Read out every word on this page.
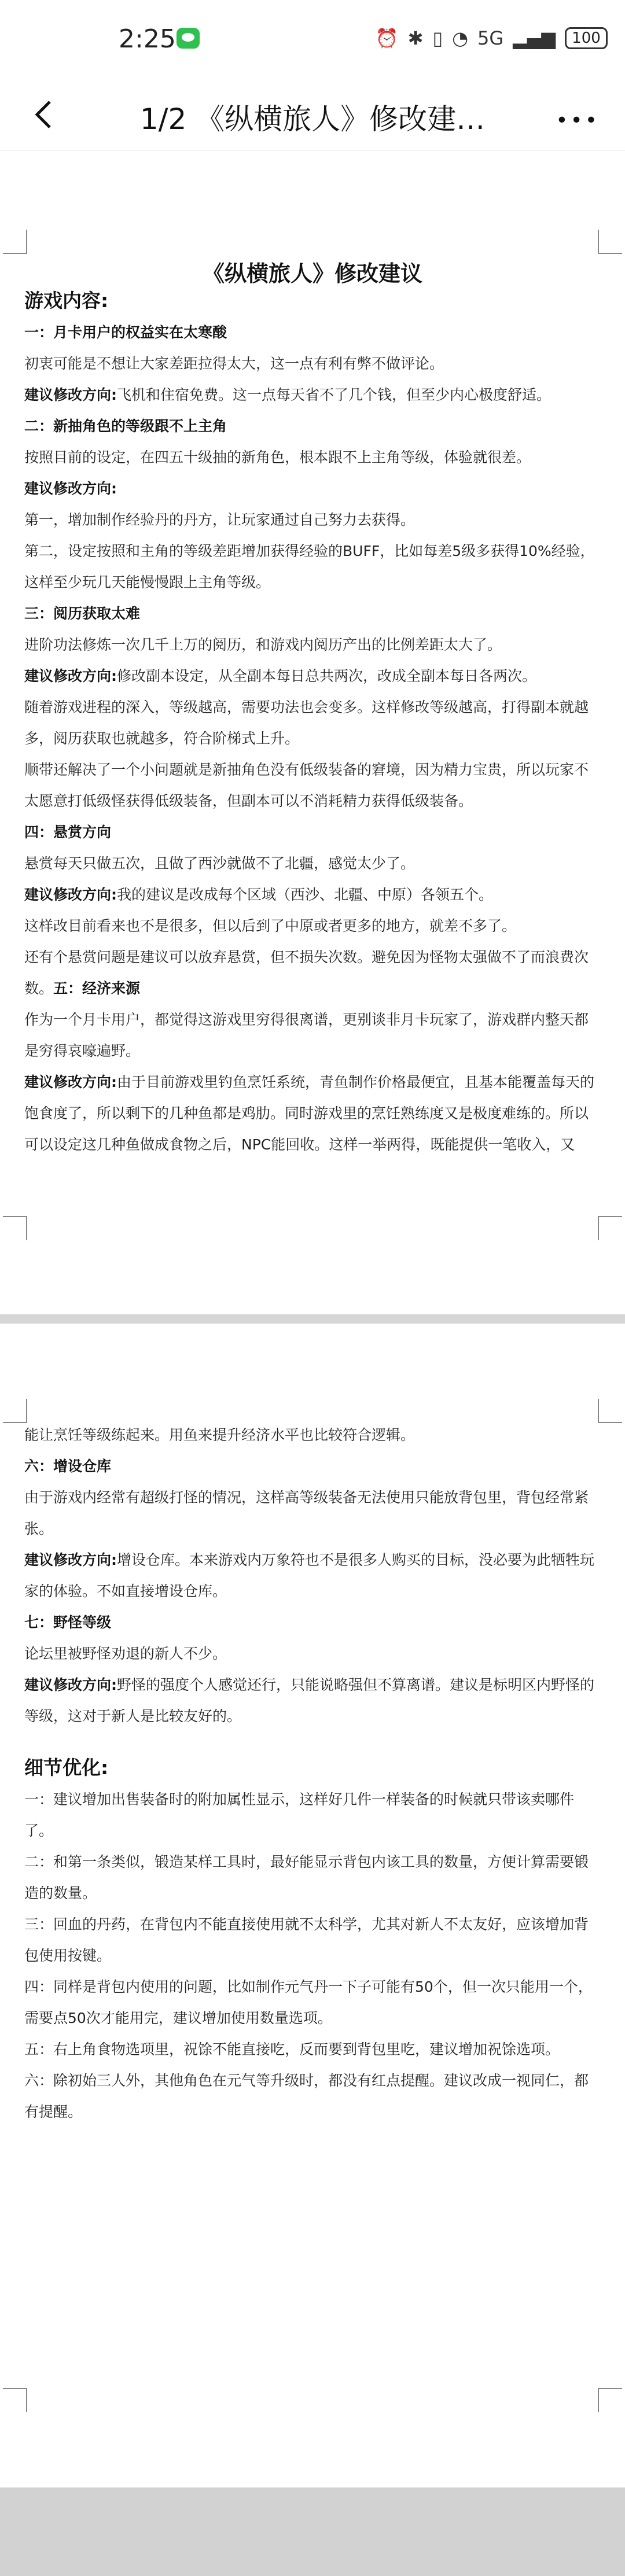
2:25	⏰ ✱ ▯ ◔ 5G ▂▄▆	100
1/2 《纵横旅人》修改建…	•••
《纵横旅人》修改建议

游戏内容:

一：月卡用户的权益实在太寒酸

初衷可能是不想让大家差距拉得太大，这一点有利有弊不做评论。

建议修改方向:飞机和住宿免费。这一点每天省不了几个钱，但至少内心极度舒适。

二：新抽角色的等级跟不上主角

按照目前的设定，在四五十级抽的新角色，根本跟不上主角等级，体验就很差。

建议修改方向:

第一，增加制作经验丹的丹方，让玩家通过自己努力去获得。

第二，设定按照和主角的等级差距增加获得经验的BUFF，比如每差5级多获得10%经验，这样至少玩几天能慢慢跟上主角等级。

三：阅历获取太难

进阶功法修炼一次几千上万的阅历，和游戏内阅历产出的比例差距太大了。

建议修改方向:修改副本设定，从全副本每日总共两次，改成全副本每日各两次。

随着游戏进程的深入，等级越高，需要功法也会变多。这样修改等级越高，打得副本就越多，阅历获取也就越多，符合阶梯式上升。

顺带还解决了一个小问题就是新抽角色没有低级装备的窘境，因为精力宝贵，所以玩家不太愿意打低级怪获得低级装备，但副本可以不消耗精力获得低级装备。

四：悬赏方向

悬赏每天只做五次，且做了西沙就做不了北疆，感觉太少了。

建议修改方向:我的建议是改成每个区域（西沙、北疆、中原）各领五个。

这样改目前看来也不是很多，但以后到了中原或者更多的地方，就差不多了。

还有个悬赏问题是建议可以放弃悬赏，但不损失次数。避免因为怪物太强做不了而浪费次数。五：经济来源

作为一个月卡用户，都觉得这游戏里穷得很离谱，更别谈非月卡玩家了，游戏群内整天都是穷得哀嚎遍野。

建议修改方向:由于目前游戏里钓鱼烹饪系统，青鱼制作价格最便宜，且基本能覆盖每天的饱食度了，所以剩下的几种鱼都是鸡肋。同时游戏里的烹饪熟练度又是极度难练的。所以可以设定这几种鱼做成食物之后，NPC能回收。这样一举两得，既能提供一笔收入，又

能让烹饪等级练起来。用鱼来提升经济水平也比较符合逻辑。

六：增设仓库

由于游戏内经常有超级打怪的情况，这样高等级装备无法使用只能放背包里，背包经常紧张。

建议修改方向:增设仓库。本来游戏内万象符也不是很多人购买的目标，没必要为此牺牲玩家的体验。不如直接增设仓库。

七：野怪等级

论坛里被野怪劝退的新人不少。

建议修改方向:野怪的强度个人感觉还行，只能说略强但不算离谱。建议是标明区内野怪的等级，这对于新人是比较友好的。

细节优化:

一：建议增加出售装备时的附加属性显示，这样好几件一样装备的时候就只带该卖哪件了。

二：和第一条类似，锻造某样工具时，最好能显示背包内该工具的数量，方便计算需要锻造的数量。

三：回血的丹药，在背包内不能直接使用就不太科学，尤其对新人不太友好，应该增加背包使用按键。

四：同样是背包内使用的问题，比如制作元气丹一下子可能有50个，但一次只能用一个，需要点50次才能用完，建议增加使用数量选项。

五：右上角食物选项里，祝馀不能直接吃，反而要到背包里吃，建议增加祝馀选项。

六：除初始三人外，其他角色在元气等升级时，都没有红点提醒。建议改成一视同仁，都有提醒。
